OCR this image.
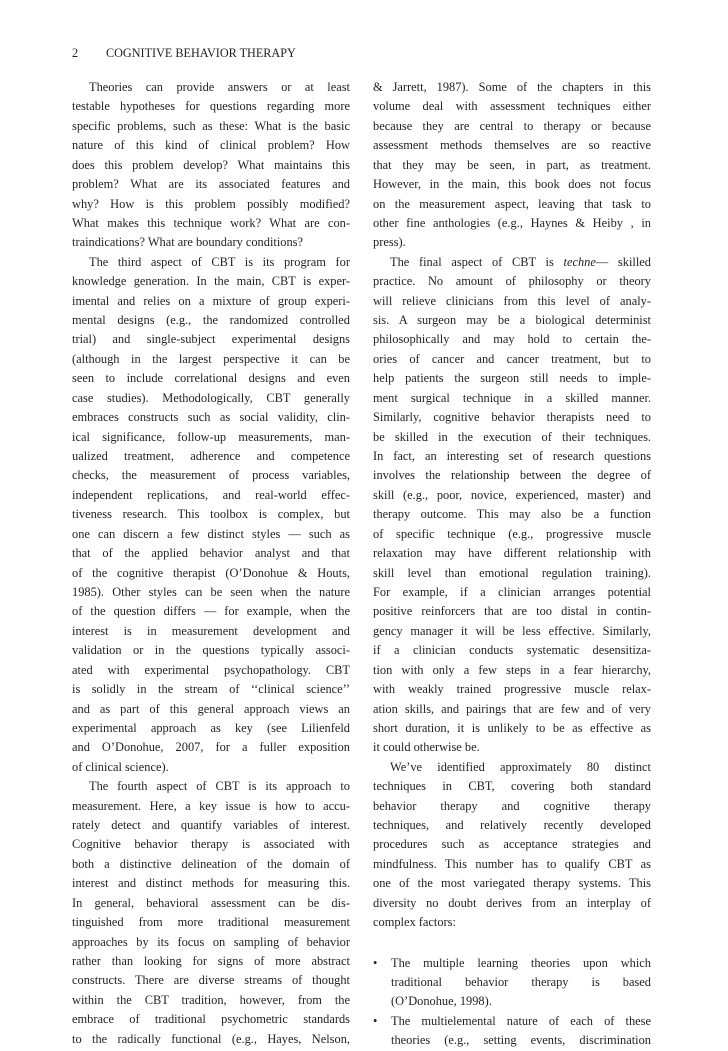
2 COGNITIVE BEHAVIOR THERAPY

Theories can provide answers or at least

testable hypotheses for questions regarding more

specific problems, such as these: What is the basic

nature of this kind of clinical problem? How

does this problem develop? What maintains this

problem? What are its associated features and

why? How is this problem possibly modified?

What makes this technique work? What are con-

traindications? What are boundary conditions?

The third aspect of CBT is its program for

knowledge generation. In the main, CBT is exper-

imental and relies on a mixture of group experi-

mental designs (e.g., the randomized controlled

trial) and single-subject experimental designs

(although in the largest perspective it can be

seen to include correlational designs and even

case studies). Methodologically, CBT generally

embraces constructs such as social validity, clin-

ical significance, follow-up measurements, man-

ualized treatment, adherence and competence

checks, the measurement of process variables,

independent replications, and real-world effec-

tiveness research. This toolbox is complex, but

one can discern a few distinct styles — such as

that of the applied behavior analyst and that

of the cognitive therapist (O’Donohue & Houts,

1985). Other styles can be seen when the nature

of the question differs — for example, when the

interest is in measurement development and

validation or in the questions typically associ-

ated with experimental psychopathology. CBT

is solidly in the stream of ‘‘clinical science’’

and as part of this general approach views an

experimental approach as key (see Lilienfeld

and O’Donohue, 2007, for a fuller exposition

of clinical science).

The fourth aspect of CBT is its approach to

measurement. Here, a key issue is how to accu-

rately detect and quantify variables of interest.

Cognitive behavior therapy is associated with

both a distinctive delineation of the domain of

interest and distinct methods for measuring this.

In general, behavioral assessment can be dis-

tinguished from more traditional measurement

approaches by its focus on sampling of behavior

rather than looking for signs of more abstract

constructs. There are diverse streams of thought

within the CBT tradition, however, from the

embrace of traditional psychometric standards

to the radically functional (e.g., Hayes, Nelson,

& Jarrett, 1987). Some of the chapters in this

volume deal with assessment techniques either

because they are central to therapy or because

assessment methods themselves are so reactive

that they may be seen, in part, as treatment.

However, in the main, this book does not focus

on the measurement aspect, leaving that task to

other fine anthologies (e.g., Haynes & Heiby , in

press).

The final aspect of CBT is techne— skilled

practice. No amount of philosophy or theory

will relieve clinicians from this level of analy-

sis. A surgeon may be a biological determinist

philosophically and may hold to certain the-

ories of cancer and cancer treatment, but to

help patients the surgeon still needs to imple-

ment surgical technique in a skilled manner.

Similarly, cognitive behavior therapists need to

be skilled in the execution of their techniques.

In fact, an interesting set of research questions

involves the relationship between the degree of

skill (e.g., poor, novice, experienced, master) and

therapy outcome. This may also be a function

of specific technique (e.g., progressive muscle

relaxation may have different relationship with

skill level than emotional regulation training).

For example, if a clinician arranges potential

positive reinforcers that are too distal in contin-

gency manager it will be less effective. Similarly,

if a clinician conducts systematic desensitiza-

tion with only a few steps in a fear hierarchy,

with weakly trained progressive muscle relax-

ation skills, and pairings that are few and of very

short duration, it is unlikely to be as effective as

it could otherwise be.

We’ve identified approximately 80 distinct

techniques in CBT, covering both standard

behavior therapy and cognitive therapy

techniques, and relatively recently developed

procedures such as acceptance strategies and

mindfulness. This number has to qualify CBT as

one of the most variegated therapy systems. This

diversity no doubt derives from an interplay of

complex factors:

• The multiple learning theories upon which

traditional behavior therapy is based

(O’Donohue, 1998).

• The multielemental nature of each of these

theories (e.g., setting events, discrimination
